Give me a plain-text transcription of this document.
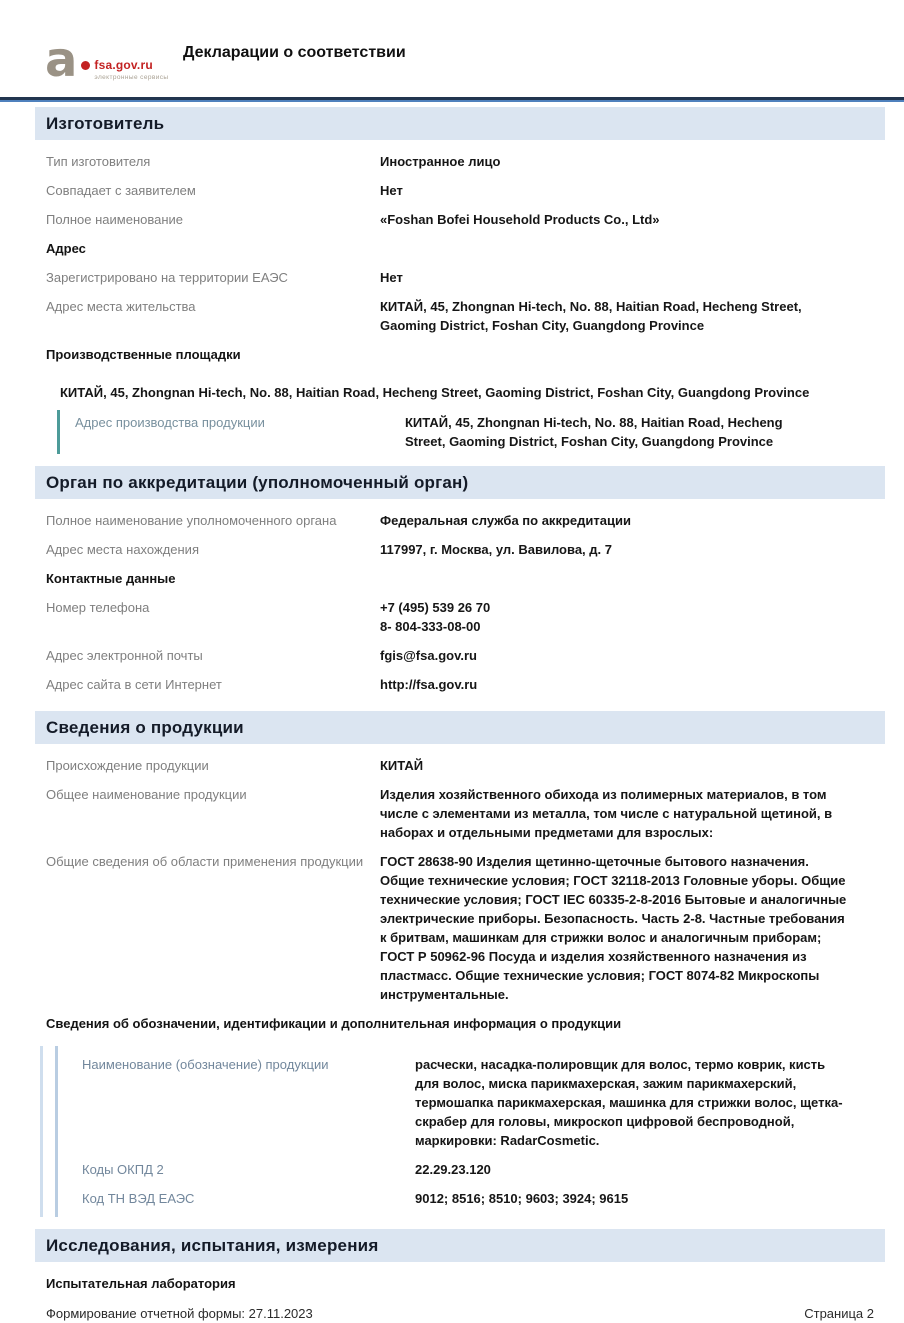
a fsa.gov.ru
электронные сервисы
Декларации о соответствии
Изготовитель
Тип изготовителя	Иностранное лицо
Совпадает с заявителем	Нет
Полное наименование	«Foshan Bofei Household Products Co., Ltd»
Адрес
Зарегистрировано на территории ЕАЭС	Нет
Адрес места жительства	КИТАЙ, 45, Zhongnan Hi-tech, No. 88, Haitian Road, Hecheng Street, Gaoming District, Foshan City, Guangdong Province
Производственные площадки
КИТАЙ, 45, Zhongnan Hi-tech, No. 88, Haitian Road, Hecheng Street, Gaoming District, Foshan City, Guangdong Province
Адрес производства продукции	КИТАЙ, 45, Zhongnan Hi-tech, No. 88, Haitian Road, Hecheng Street, Gaoming District, Foshan City, Guangdong Province
Орган по аккредитации (уполномоченный орган)
Полное наименование уполномоченного органа	Федеральная служба по аккредитации
Адрес места нахождения	117997, г. Москва, ул. Вавилова, д. 7
Контактные данные
Номер телефона	+7 (495) 539 26 70
8- 804-333-08-00
Адрес электронной почты	fgis@fsa.gov.ru
Адрес сайта в сети Интернет	http://fsa.gov.ru
Сведения о продукции
Происхождение продукции	КИТАЙ
Общее наименование продукции	Изделия хозяйственного обихода из полимерных материалов, в том числе с элементами из металла, том числе с натуральной щетиной, в наборах и отдельными предметами для взрослых:
Общие сведения об области применения продукции	ГОСТ 28638-90 Изделия щетинно-щеточные бытового назначения. Общие технические условия; ГОСТ 32118-2013 Головные уборы. Общие технические условия; ГОСТ IEC 60335-2-8-2016 Бытовые и аналогичные электрические приборы. Безопасность. Часть 2-8. Частные требования к бритвам, машинкам для стрижки волос и аналогичным приборам; ГОСТ Р 50962-96 Посуда и изделия хозяйственного назначения из пластмасс. Общие технические условия; ГОСТ 8074-82 Микроскопы инструментальные.
Сведения об обозначении, идентификации и дополнительная информация о продукции
Наименование (обозначение) продукции	расчески, насадка-полировщик для волос, термо коврик, кисть для волос, миска парикмахерская, зажим парикмахерский, термошапка парикмахерская, машинка для стрижки волос, щетка-скрабер для головы, микроскоп цифровой беспроводной, маркировки: RadarCosmetic.
Коды ОКПД 2	22.29.23.120
Код ТН ВЭД ЕАЭС	9012; 8516; 8510; 9603; 3924; 9615
Исследования, испытания, измерения
Испытательная лаборатория
Формирование отчетной формы: 27.11.2023	Страница 2
